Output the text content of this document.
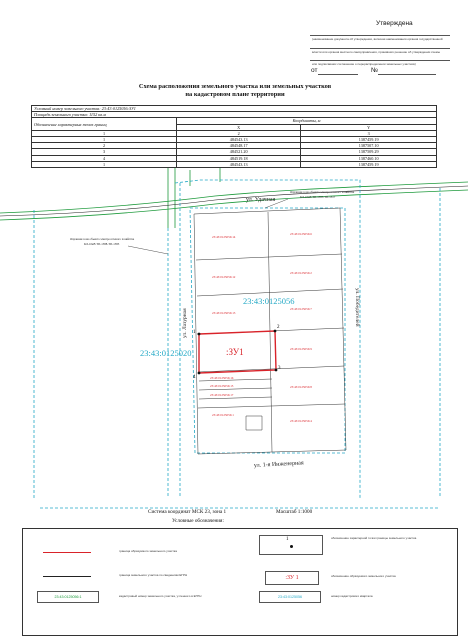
Утверждена
(наименование документа об утверждении, включая наименования органов государственной
власти или органов местного самоуправления, принявших решение об утверждении схемы
или подписавших соглашение о перераспределении земельных участков)
от	№
Схема расположения земельного участка или земельных участков
на кадастровом плане территории
Условный номер земельного участка: 23:43:0125056:ЗУ1		
Площадь земельного участка: 1152 кв.м		
Обозначение характерных точек границ	Координаты, м	
	X	Y
1	2	3
1	484543.13	1387459.19
2	484548.17	1387507.10
3	484521.20	1387509.29
4	484519.18	1387460.10
1	484543.13	1387459.19
1
2
3
4
23:43:0125056:14
23:43:0125056:6
23:43:0125056:12
23:43:0125056:2
23:43:0125056:13
23:43:0125056:7
23:43:0125056:9
23:43:0125056:16
23:43:0125056:15
23:43:0125056:17
23:43:0125056:8
23:43:0125056:1
23:43:0125056:4
:ЗУ1
23:43:0125056
23:43:0125020
ул. Удачная
ул. 1-я Инженерная
ул. Лазурная	ул. Победителей
Охранная зона объекта электросетевого хозяйства
КЛ-10кВ ТП-1383-ТП-1317
Охранная зона объекта электросетевого хозяйства
КЛ-10кВ ТП-1388-ТП-1383
Система координат МСК 23, зона 1	Масштаб 1:1000
Условные обозначения:
граница образуемого земельного участка
граница земельного участка по сведениям ЕГРН
23:43:0125056:1	кадастровый номер земельного участка, учтенного в ЕГРН
1	обозначение характерной точки границы земельного участка
:ЗУ 1	обозначение образуемого земельного участка
23:43:0125056	номер кадастрового квартала
